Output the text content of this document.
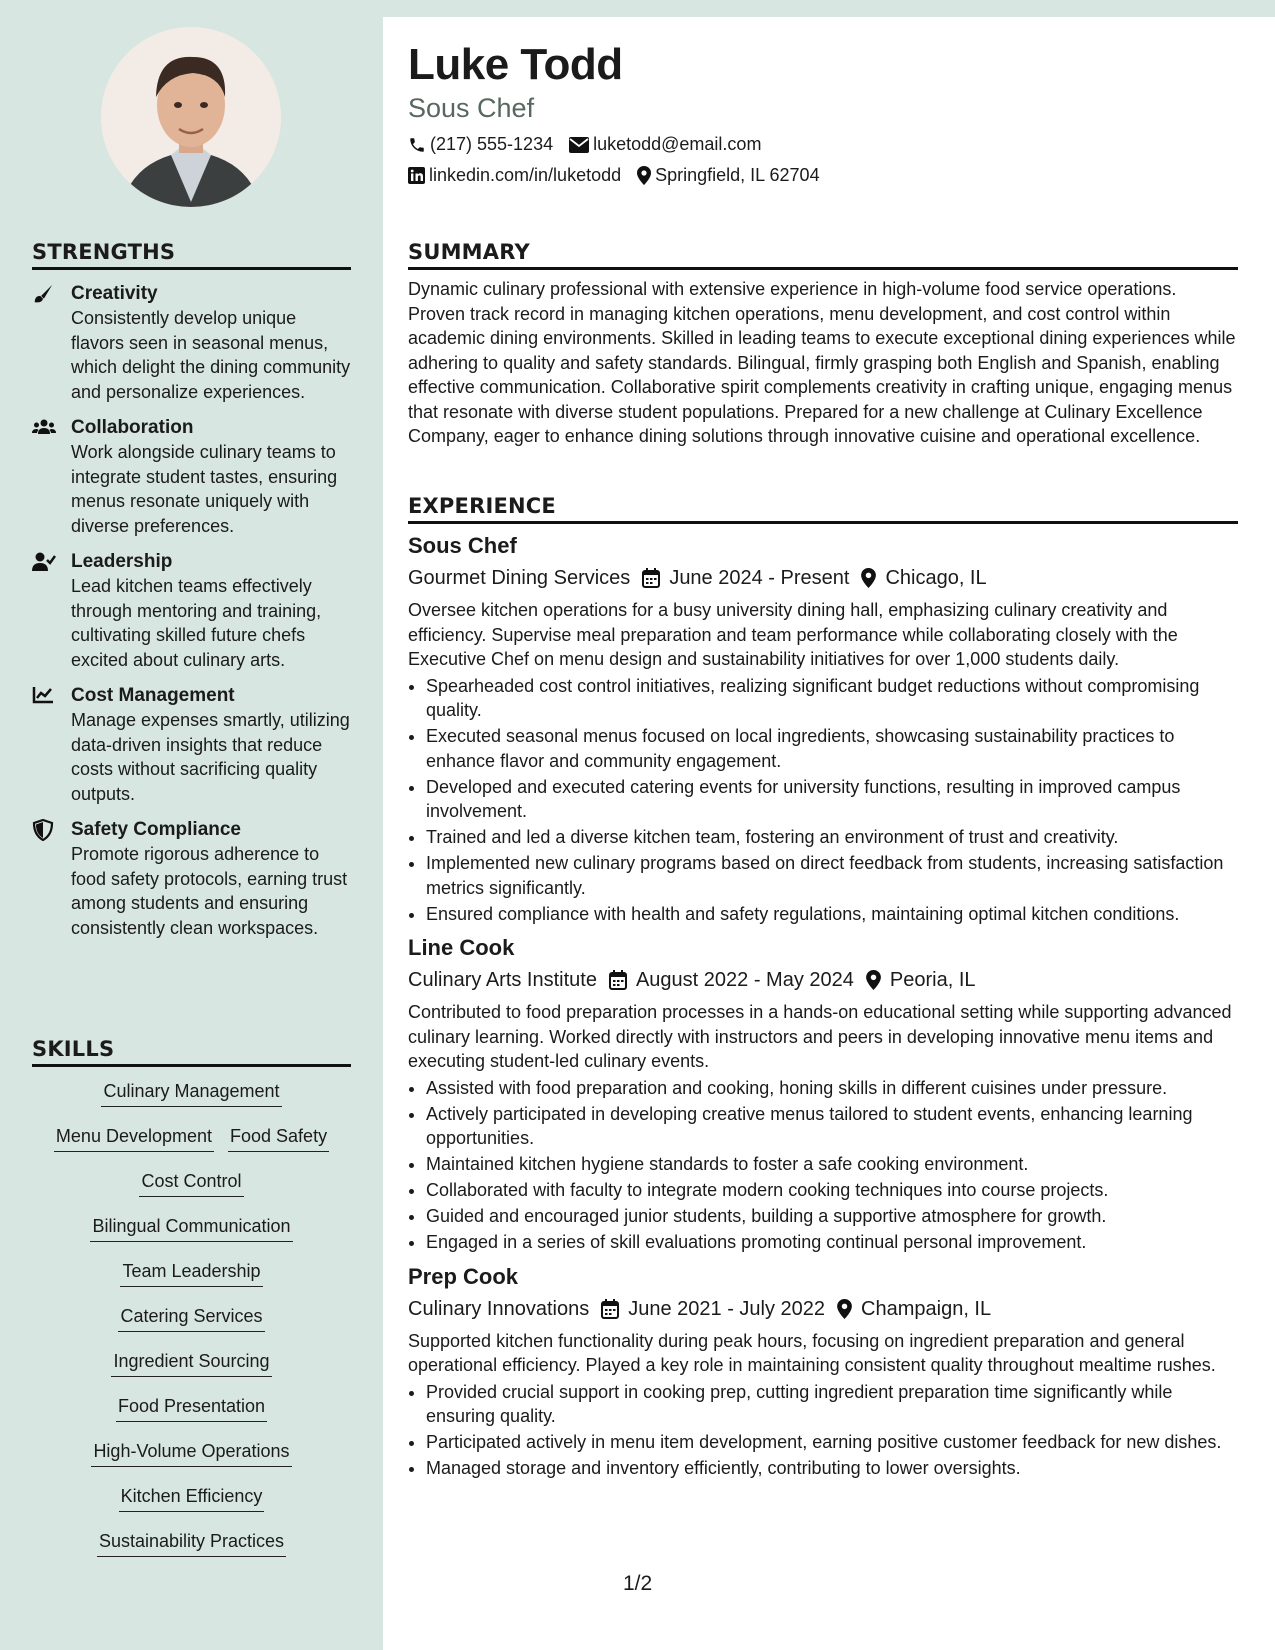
STRENGTHS
Creativity
Consistently develop unique flavors seen in seasonal menus, which delight the dining community and personalize experiences.
Collaboration
Work alongside culinary teams to integrate student tastes, ensuring menus resonate uniquely with diverse preferences.
Leadership
Lead kitchen teams effectively through mentoring and training, cultivating skilled future chefs excited about culinary arts.
Cost Management
Manage expenses smartly, utilizing data-driven insights that reduce costs without sacrificing quality outputs.
Safety Compliance
Promote rigorous adherence to food safety protocols, earning trust among students and ensuring consistently clean workspaces.
SKILLS
Culinary Management
Menu Development Food Safety
Cost Control
Bilingual Communication
Team Leadership
Catering Services
Ingredient Sourcing
Food Presentation
High-Volume Operations
Kitchen Efficiency
Sustainability Practices
Luke Todd
Sous Chef
(217) 555-1234 luketodd@email.com
linkedin.com/in/luketodd Springfield, IL 62704
SUMMARY

Dynamic culinary professional with extensive experience in high-volume food service operations. Proven track record in managing kitchen operations, menu development, and cost control within academic dining environments. Skilled in leading teams to execute exceptional dining experiences while adhering to quality and safety standards. Bilingual, firmly grasping both English and Spanish, enabling effective communication. Collaborative spirit complements creativity in crafting unique, engaging menus that resonate with diverse student populations. Prepared for a new challenge at Culinary Excellence Company, eager to enhance dining solutions through innovative cuisine and operational excellence.

EXPERIENCE
Sous Chef
Gourmet Dining Services June 2024 - Present Chicago, IL

Oversee kitchen operations for a busy university dining hall, emphasizing culinary creativity and efficiency. Supervise meal preparation and team performance while collaborating closely with the Executive Chef on menu design and sustainability initiatives for over 1,000 students daily.

• Spearheaded cost control initiatives, realizing significant budget reductions without compromising quality.
• Executed seasonal menus focused on local ingredients, showcasing sustainability practices to enhance flavor and community engagement.
• Developed and executed catering events for university functions, resulting in improved campus involvement.
• Trained and led a diverse kitchen team, fostering an environment of trust and creativity.
• Implemented new culinary programs based on direct feedback from students, increasing satisfaction metrics significantly.
• Ensured compliance with health and safety regulations, maintaining optimal kitchen conditions.
Line Cook
Culinary Arts Institute August 2022 - May 2024 Peoria, IL

Contributed to food preparation processes in a hands-on educational setting while supporting advanced culinary learning. Worked directly with instructors and peers in developing innovative menu items and executing student-led culinary events.

• Assisted with food preparation and cooking, honing skills in different cuisines under pressure.
• Actively participated in developing creative menus tailored to student events, enhancing learning opportunities.
• Maintained kitchen hygiene standards to foster a safe cooking environment.
• Collaborated with faculty to integrate modern cooking techniques into course projects.
• Guided and encouraged junior students, building a supportive atmosphere for growth.
• Engaged in a series of skill evaluations promoting continual personal improvement.
Prep Cook
Culinary Innovations June 2021 - July 2022 Champaign, IL

Supported kitchen functionality during peak hours, focusing on ingredient preparation and general operational efficiency. Played a key role in maintaining consistent quality throughout mealtime rushes.

• Provided crucial support in cooking prep, cutting ingredient preparation time significantly while ensuring quality.
• Participated actively in menu item development, earning positive customer feedback for new dishes.
• Managed storage and inventory efficiently, contributing to lower oversights.
1/2
